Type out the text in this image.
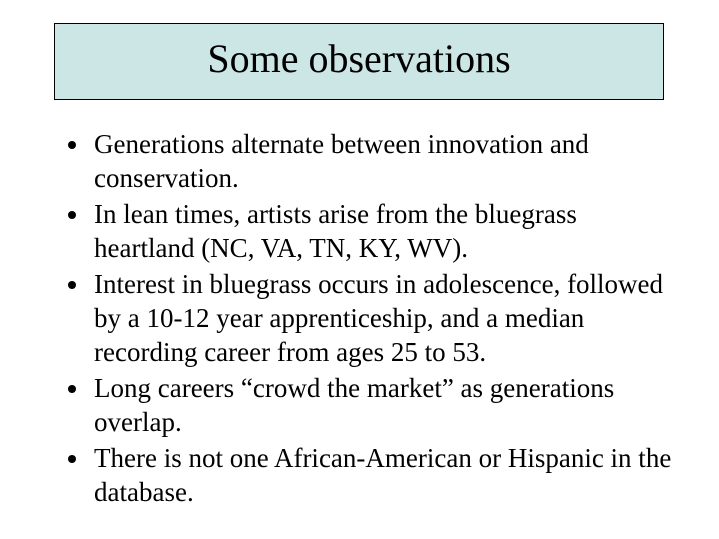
Some observations
Generations alternate between innovation and conservation.
In lean times, artists arise from the bluegrass heartland (NC, VA, TN, KY, WV).
Interest in bluegrass occurs in adolescence, followed by a 10-12 year apprenticeship, and a median recording career from ages 25 to 53.
Long careers “crowd the market” as generations overlap.
There is not one African-American or Hispanic in the database.
